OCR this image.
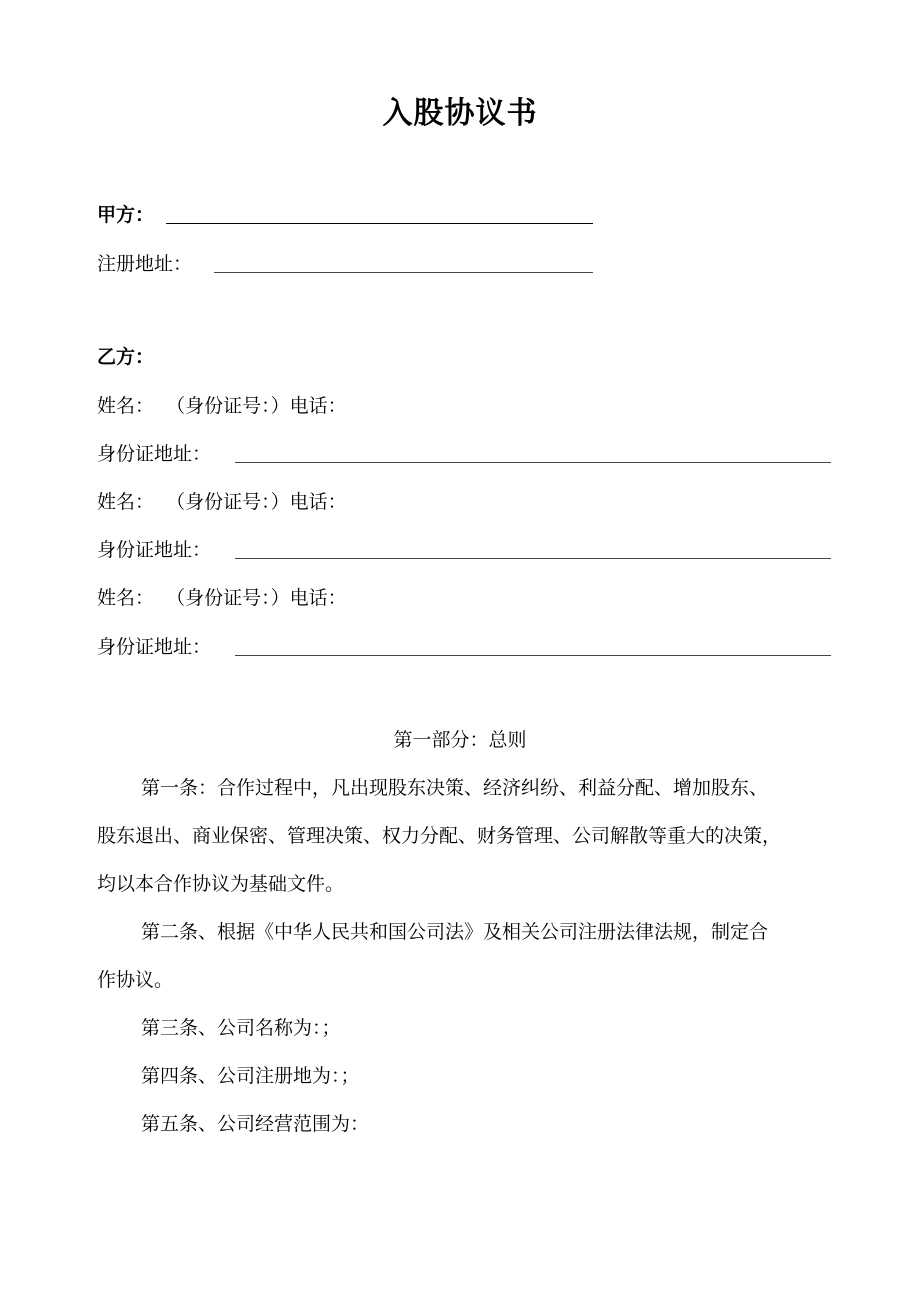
入股协议书
甲方：
注册地址：
乙方：
姓名：  （身份证号：）电话：
身份证地址：
姓名：  （身份证号：）电话：
身份证地址：
姓名：  （身份证号：）电话：
身份证地址：
第一部分：总则
第一条：合作过程中，凡出现股东决策、经济纠纷、利益分配、增加股东、
股东退出、商业保密、管理决策、权力分配、财务管理、公司解散等重大的决策，
均以本合作协议为基础文件。
第二条、根据《中华人民共和国公司法》及相关公司注册法律法规，制定合
作协议。
第三条、公司名称为：；
第四条、公司注册地为：；
第五条、公司经营范围为：
